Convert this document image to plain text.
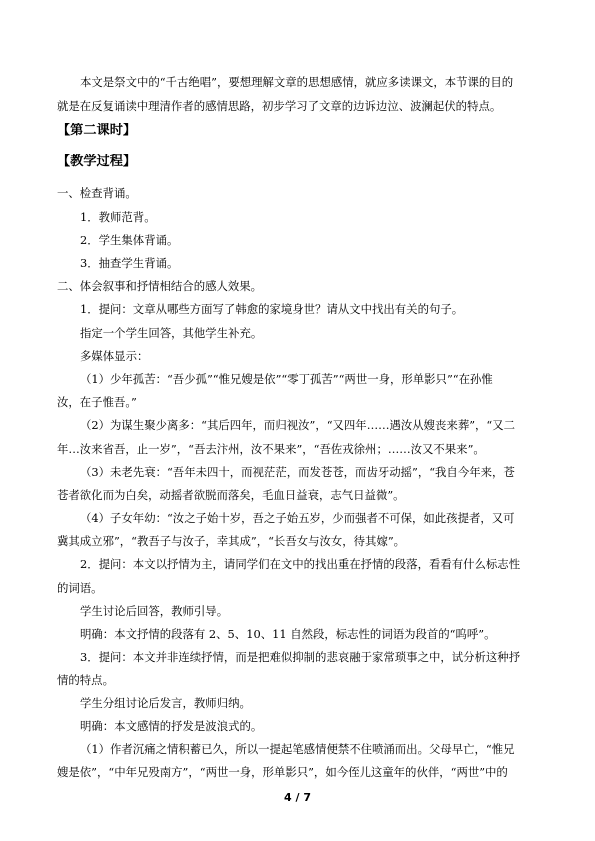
本文是祭文中的“千古绝唱”，要想理解文章的思想感情，就应多读课文，本节课的目的
就是在反复诵读中理清作者的感情思路，初步学习了文章的边诉边泣、波澜起伏的特点。
【第二课时】
【教学过程】
一、检查背诵。
1．教师范背。
2．学生集体背诵。
3．抽查学生背诵。
二、体会叙事和抒情相结合的感人效果。
1．提问：文章从哪些方面写了韩愈的家境身世？请从文中找出有关的句子。
指定一个学生回答，其他学生补充。
多媒体显示：
（1）少年孤苦：“吾少孤”“惟兄嫂是依”“零丁孤苦”“两世一身，形单影只”“在孙惟
汝，在子惟吾。”
（2）为谋生聚少离多：“其后四年，而归视汝”，“又四年……遇汝从嫂丧来葬”，“又二
年…汝来省吾，止一岁”，“吾去汴州，汝不果来”，“吾佐戎徐州；……汝又不果来”。
（3）未老先衰：“吾年未四十，而视茫茫，而发苍苍，而齿牙动摇”，“我自今年来，苍
苍者欲化而为白矣，动摇者欲脱而落矣，毛血日益衰，志气日益微”。
（4）子女年幼：“汝之子始十岁，吾之子始五岁，少而强者不可保，如此孩提者，又可
冀其成立邪”，“教吾子与汝子，幸其成”，“长吾女与汝女，待其嫁”。
2．提问：本文以抒情为主，请同学们在文中的找出重在抒情的段落，看看有什么标志性
的词语。
学生讨论后回答，教师引导。
明确：本文抒情的段落有 2、5、10、11 自然段，标志性的词语为段首的“呜呼”。
3．提问：本文并非连续抒情，而是把难似抑制的悲哀融于家常琐事之中，试分析这种抒
情的特点。
学生分组讨论后发言，教师归纳。
明确：本文感情的抒发是波浪式的。
（1）作者沉痛之情积蓄已久，所以一提起笔感情便禁不住喷涌而出。父母早亡，“惟兄
嫂是依”，“中年兄殁南方”，“两世一身，形单影只”，如今侄儿这童年的伙伴，“两世”中的
4 / 7
